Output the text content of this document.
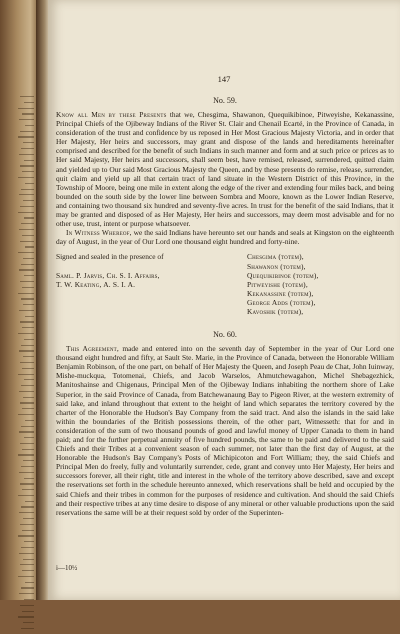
147
No. 59.

Know all Men by these Presents that we, Chesgima, Shawanon, Quequikibinoe, Pitweyishe, Kekanassine, Principal Chiefs of the Ojibeway Indians of the River St. Clair and Chenail Ecarté, in the Province of Canada, in consideration of the trust and confidence by us reposed in Her Most Gracious Majesty Victoria, and in order that Her Majesty, Her heirs and successors, may grant and dispose of the lands and hereditaments hereinafter comprised and described for the benefit of such Indians in such manner and form and at such price or prices as to Her said Majesty, Her heirs and successors, shall seem best, have remised, released, surrendered, quitted claim and yielded up to Our said Most Gracious Majesty the Queen, and by these presents do remise, release, surrender, quit claim and yield up all that certain tract of land situate in the Western District of this Province, in the Township of Moore, being one mile in extent along the edge of the river and extending four miles back, and being bounded on the south side by the lower line between Sombra and Moore, known as the Lower Indian Reserve, and containing two thousand six hundred and seventy-five acres. In trust for the benefit of the said Indians, that it may be granted and disposed of as Her Majesty, Her heirs and successors, may deem most advisable and for no other use, trust, intent or purpose whatsoever.

In Witness Whereof, we the said Indians have hereunto set our hands and seals at Kingston on the eighteenth day of August, in the year of Our Lord one thousand eight hundred and forty-nine.

Signed and sealed in the presence of
Saml. P. Jarvis, Ch. S. I. Affairs,
T. W. Keating, A. S. I. A.
Chesgima (totem),
Shawanon (totem),
Quequikibinoe (totem),
Pitweyishe (totem),
Kekanassine (totem),
George Adds (totem),
Kavoshik (totem),
No. 60.

This Agreement, made and entered into on the seventh day of September in the year of Our Lord one thousand eight hundred and fifty, at Sault Ste. Marie, in the Province of Canada, between the Honorable William Benjamin Robinson, of the one part, on behalf of Her Majesty the Queen, and Joseph Peau de Chat, John Iuinway, Mishe-muckqua, Totomenai, Chiefs, and Jacob Warselos, Ahmutchewagahon, Michel Shebagezhick, Manitoshainse and Chigenaus, Principal Men of the Ojibeway Indians inhabiting the northern shore of Lake Superior, in the said Province of Canada, from Batchewanaung Bay to Pigeon River, at the western extremity of said lake, and inland throughout that extent to the height of land which separates the territory covered by the charter of the Honorable the Hudson's Bay Company from the said tract. And also the islands in the said lake within the boundaries of the British possessions therein, of the other part, Witnesseth: that for and in consideration of the sum of two thousand pounds of good and lawful money of Upper Canada to them in hand paid; and for the further perpetual annuity of five hundred pounds, the same to be paid and delivered to the said Chiefs and their Tribes at a convenient season of each summer, not later than the first day of August, at the Honorable the Hudson's Bay Company's Posts of Michipicoton and Fort William; they, the said Chiefs and Principal Men do freely, fully and voluntarily surrender, cede, grant and convey unto Her Majesty, Her heirs and successors forever, all their right, title and interest in the whole of the territory above described, save and except the reservations set forth in the schedule hereunto annexed, which reservations shall be held and occupied by the said Chiefs and their tribes in common for the purposes of residence and cultivation. And should the said Chiefs and their respective tribes at any time desire to dispose of any mineral or other valuable productions upon the said reservations the same will be at their request sold by order of the Superinten-

i—10½
